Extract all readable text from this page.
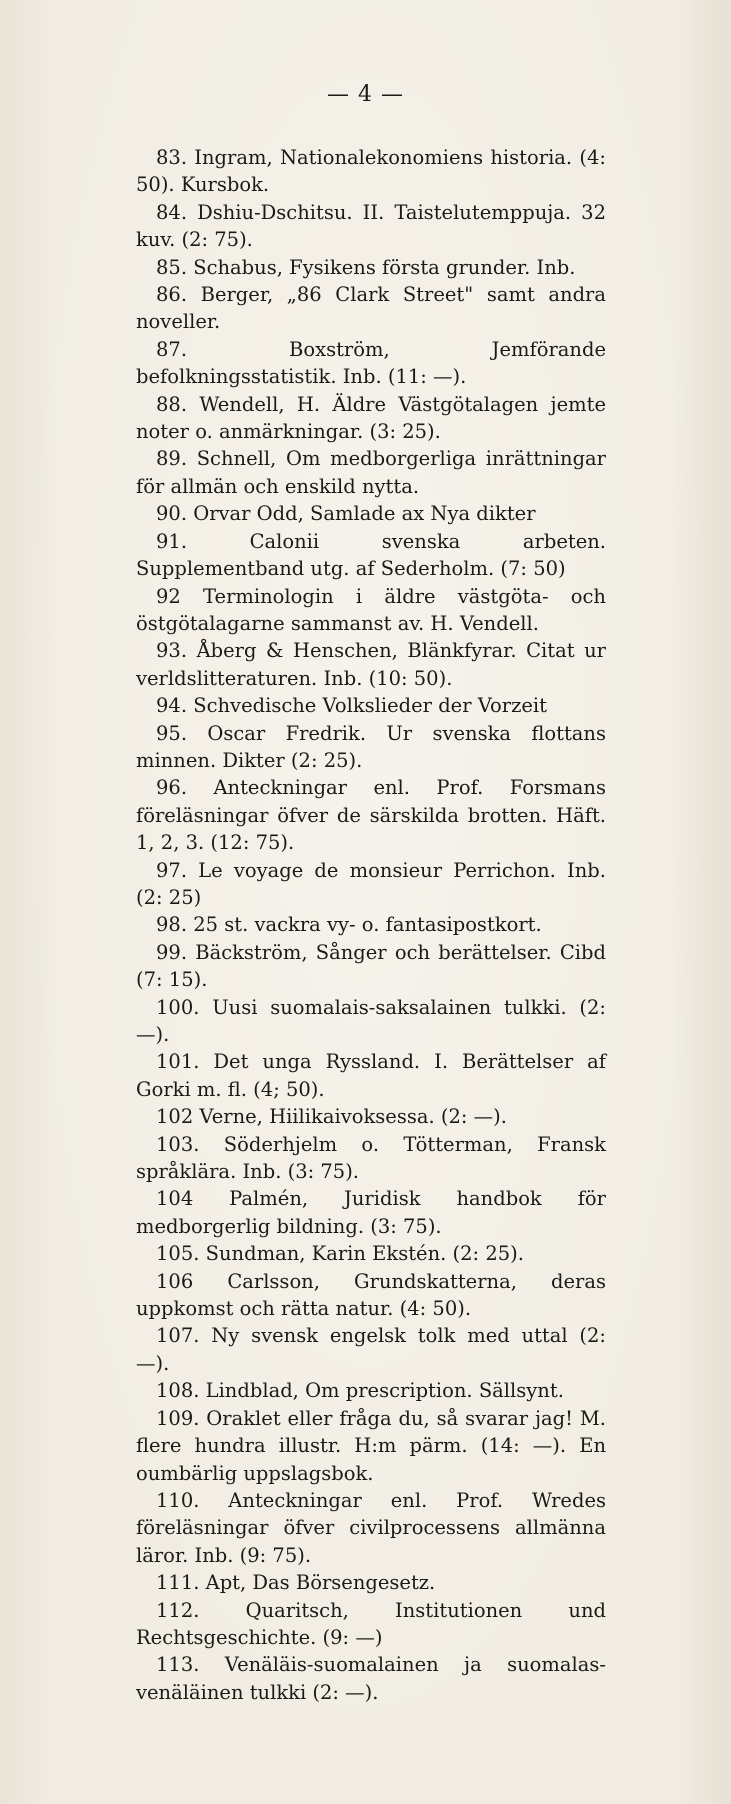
— 4 —

83. Ingram, Nationalekonomiens historia. (4: 50). Kursbok.

84. Dshiu-Dschitsu. II. Taistelutemppuja. 32 kuv. (2: 75).

85. Schabus, Fysikens första grunder. Inb.

86. Berger, „86 Clark Street" samt andra noveller.

87. Boxström, Jemförande befolkningsstatistik. Inb. (11: —).

88. Wendell, H. Äldre Västgötalagen jemte noter o. anmärkningar. (3: 25).

89. Schnell, Om medborgerliga inrättningar för allmän och enskild nytta.

90. Orvar Odd, Samlade ax Nya dikter

91. Calonii svenska arbeten. Supplementband utg. af Sederholm. (7: 50)

92 Terminologin i äldre västgöta- och östgötalagarne sammanst av. H. Vendell.

93. Åberg & Henschen, Blänkfyrar. Citat ur verldslitteraturen. Inb. (10: 50).

94. Schvedische Volkslieder der Vorzeit

95. Oscar Fredrik. Ur svenska flottans minnen. Dikter (2: 25).

96. Anteckningar enl. Prof. Forsmans föreläsningar öfver de särskilda brotten. Häft. 1, 2, 3. (12: 75).

97. Le voyage de monsieur Perrichon. Inb. (2: 25)

98. 25 st. vackra vy- o. fantasipostkort.

99. Bäckström, Sånger och berättelser. Cibd (7: 15).

100. Uusi suomalais-saksalainen tulkki. (2: —).

101. Det unga Ryssland. I. Berättelser af Gorki m. fl. (4; 50).

102 Verne, Hiilikaivoksessa. (2: —).

103. Söderhjelm o. Tötterman, Fransk språklära. Inb. (3: 75).

104 Palmén, Juridisk handbok för medborgerlig bildning. (3: 75).

105. Sundman, Karin Ekstén. (2: 25).

106 Carlsson, Grundskatterna, deras uppkomst och rätta natur. (4: 50).

107. Ny svensk engelsk tolk med uttal (2: —).

108. Lindblad, Om prescription. Sällsynt.

109. Oraklet eller fråga du, så svarar jag! M. flere hundra illustr. H:m pärm. (14: —). En oumbärlig uppslagsbok.

110. Anteckningar enl. Prof. Wredes föreläsningar öfver civilprocessens allmänna läror. Inb. (9: 75).

111. Apt, Das Börsengesetz.

112. Quaritsch, Institutionen und Rechtsgeschichte. (9: —)

113. Venäläis-suomalainen ja suomalas-venäläinen tulkki (2: —).
